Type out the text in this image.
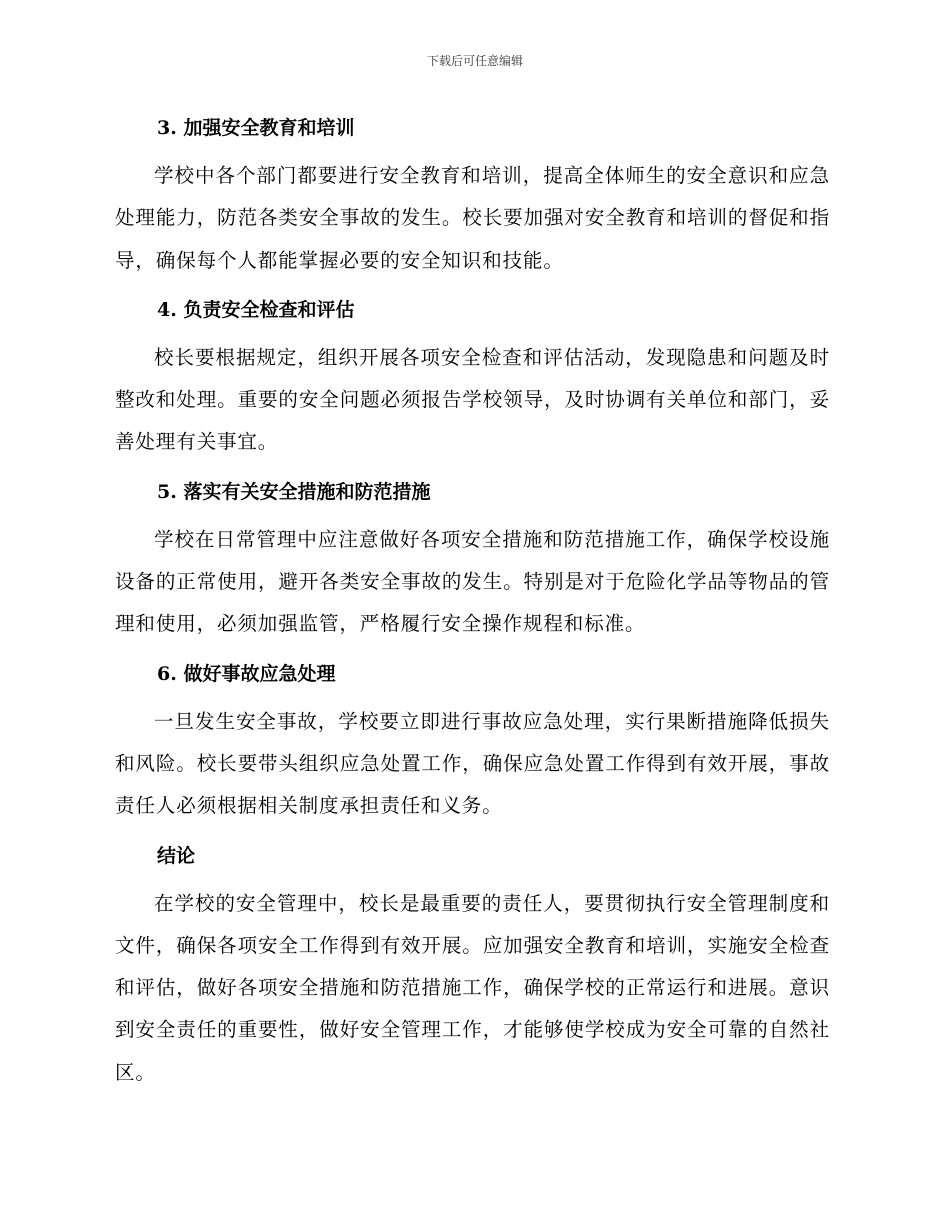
下载后可任意编辑
3. 加强安全教育和培训

学校中各个部门都要进行安全教育和培训，提高全体师生的安全意识和应急处理能力，防范各类安全事故的发生。校长要加强对安全教育和培训的督促和指导，确保每个人都能掌握必要的安全知识和技能。

4. 负责安全检查和评估

校长要根据规定，组织开展各项安全检查和评估活动，发现隐患和问题及时整改和处理。重要的安全问题必须报告学校领导，及时协调有关单位和部门，妥善处理有关事宜。

5. 落实有关安全措施和防范措施

学校在日常管理中应注意做好各项安全措施和防范措施工作，确保学校设施设备的正常使用，避开各类安全事故的发生。特别是对于危险化学品等物品的管理和使用，必须加强监管，严格履行安全操作规程和标准。

6. 做好事故应急处理

一旦发生安全事故，学校要立即进行事故应急处理，实行果断措施降低损失和风险。校长要带头组织应急处置工作，确保应急处置工作得到有效开展，事故责任人必须根据相关制度承担责任和义务。

结论

在学校的安全管理中，校长是最重要的责任人，要贯彻执行安全管理制度和文件，确保各项安全工作得到有效开展。应加强安全教育和培训，实施安全检查和评估，做好各项安全措施和防范措施工作，确保学校的正常运行和进展。意识到安全责任的重要性，做好安全管理工作，才能够使学校成为安全可靠的自然社区。
